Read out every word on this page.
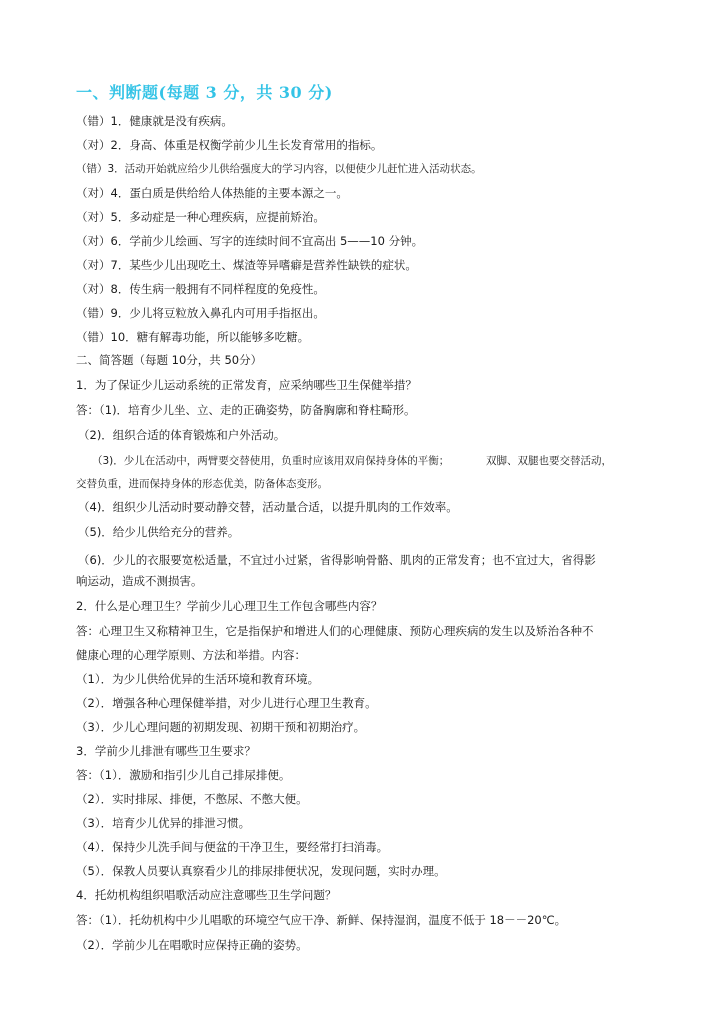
一、判断题(每题 3 分，共 30 分)
（错）1．健康就是没有疾病。
（对）2．身高、体重是权衡学前少儿生长发育常用的指标。
（错）3．活动开始就应给少儿供给强度大的学习内容，以便使少儿赶忙进入活动状态。
（对）4．蛋白质是供给给人体热能的主要本源之一。
（对）5．多动症是一种心理疾病，应提前矫治。
（对）6．学前少儿绘画、写字的连续时间不宜高出 5——10 分钟。
（对）7．某些少儿出现吃土、煤渣等异嗜癖是营养性缺铁的症状。
（对）8．传生病一般拥有不同样程度的免疫性。
（错）9．少儿将豆粒放入鼻孔内可用手指抠出。
（错）10．糖有解毒功能，所以能够多吃糖。
二、简答题（每题 10分，共 50分）
1．为了保证少儿运动系统的正常发育，应采纳哪些卫生保健举措？
答：（1)．培育少儿坐、立、走的正确姿势，防备胸廓和脊柱畸形。
（2)．组织合适的体育锻炼和户外活动。
（3)．少儿在活动中，两臂要交替使用，负重时应该用双肩保持身体的平衡；	双脚、双腿也要交替活动，
交替负重，进而保持身体的形态优美，防备体态变形。
（4)．组织少儿活动时要动静交替，活动量合适，以提升肌肉的工作效率。
（5)．给少儿供给充分的营养。
（6)．少儿的衣服要宽松适量，不宜过小过紧，省得影响骨骼、肌肉的正常发育；也不宜过大，省得影
响运动，造成不测损害。
2．什么是心理卫生？学前少儿心理卫生工作包含哪些内容？
答：心理卫生又称精神卫生，它是指保护和增进人们的心理健康、预防心理疾病的发生以及矫治各种不
健康心理的心理学原则、方法和举措。内容：
（1）．为少儿供给优异的生活环境和教育环境。
（2）．增强各种心理保健举措，对少儿进行心理卫生教育。
（3）．少儿心理问题的初期发现、初期干预和初期治疗。
3．学前少儿排泄有哪些卫生要求？
答：（1）．激励和指引少儿自己排尿排便。
（2）．实时排尿、排便，不憋尿、不憋大便。
（3）．培育少儿优异的排泄习惯。
（4）．保持少儿洗手间与便盆的干净卫生，要经常打扫消毒。
（5）．保教人员要认真察看少儿的排尿排便状况，发现问题，实时办理。
4．托幼机构组织唱歌活动应注意哪些卫生学问题？
答：（1）．托幼机构中少儿唱歌的环境空气应干净、新鲜、保持湿润，温度不低于 18－－20℃。
（2）．学前少儿在唱歌时应保持正确的姿势。
